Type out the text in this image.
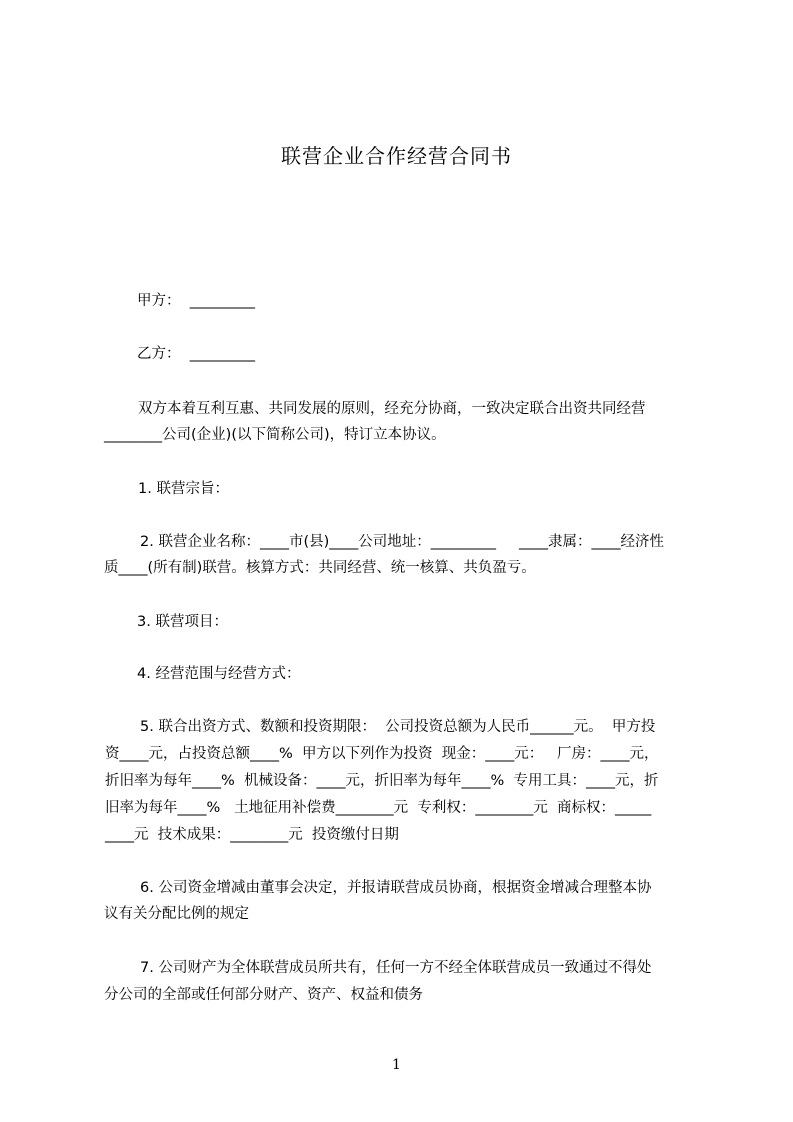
联营企业合作经营合同书
甲方：  _________
乙方：  _________
双方本着互利互惠、共同发展的原则，经充分协商，一致决定联合出资共同经营
________公司(企业)(以下简称公司)，特订立本协议。
1. 联营宗旨：
2. 联营企业名称：____市(县)____公司地址：_________     ____隶属：____经济性
质____(所有制)联营。核算方式：共同经营、统一核算、共负盈亏。
3. 联营项目：
4. 经营范围与经营方式：
5. 联合出资方式、数额和投资期限：  公司投资总额为人民币______元。  甲方投
资____元，占投资总额____%  甲方以下列作为投资  现金：____元：   厂房：____元，
折旧率为每年____%  机械设备：____元，折旧率为每年____%  专用工具：____元，折
旧率为每年____%   土地征用补偿费________元  专利权：________元  商标权：_____
____元  技术成果：________元  投资缴付日期
6. 公司资金增减由董事会决定，并报请联营成员协商，根据资金增减合理整本协
议有关分配比例的规定
7. 公司财产为全体联营成员所共有，任何一方不经全体联营成员一致通过不得处
分公司的全部或任何部分财产、资产、权益和债务
1
